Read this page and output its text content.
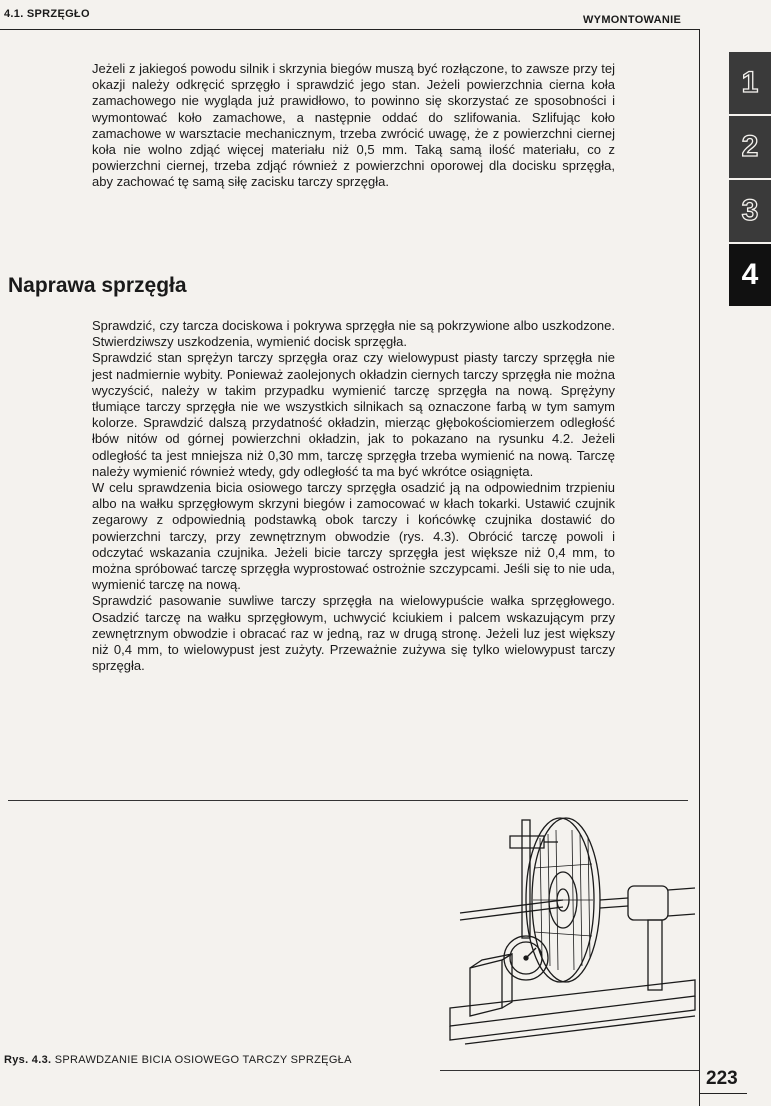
4.1. SPRZĘGŁO	WYMONTOWANIE
1
2
3
4

Jeżeli z jakiegoś powodu silnik i skrzynia biegów muszą być rozłączone, to zawsze przy tej okazji należy odkręcić sprzęgło i sprawdzić jego stan. Jeżeli powierzchnia cierna koła zamachowego nie wygląda już prawidłowo, to powinno się skorzystać ze sposobności i wymontować koło zamachowe, a następnie oddać do szlifowania. Szlifując koło zamachowe w warsztacie mechanicznym, trzeba zwrócić uwagę, że z powierzchni ciernej koła nie wolno zdjąć więcej materiału niż 0,5 mm. Taką samą ilość materiału, co z powierzchni ciernej, trzeba zdjąć również z powierzchni oporowej dla docisku sprzęgła, aby zachować tę samą siłę zacisku tarczy sprzęgła.

Naprawa sprzęgła

Sprawdzić, czy tarcza dociskowa i pokrywa sprzęgła nie są pokrzywione albo uszkodzone. Stwierdziwszy uszkodzenia, wymienić docisk sprzęgła.

Sprawdzić stan sprężyn tarczy sprzęgła oraz czy wielowypust piasty tarczy sprzęgła nie jest nadmiernie wybity. Ponieważ zaolejonych okładzin ciernych tarczy sprzęgła nie można wyczyścić, należy w takim przypadku wymienić tarczę sprzęgła na nową. Sprężyny tłumiące tarczy sprzęgła nie we wszystkich silnikach są oznaczone farbą w tym samym kolorze. Sprawdzić dalszą przydatność okładzin, mierząc głębokościomierzem odległość łbów nitów od górnej powierzchni okładzin, jak to pokazano na rysunku 4.2. Jeżeli odległość ta jest mniejsza niż 0,30 mm, tarczę sprzęgła trzeba wymienić na nową. Tarczę należy wymienić również wtedy, gdy odległość ta ma być wkrótce osiągnięta.

W celu sprawdzenia bicia osiowego tarczy sprzęgła osadzić ją na odpowiednim trzpieniu albo na wałku sprzęgłowym skrzyni biegów i zamocować w kłach tokarki. Ustawić czujnik zegarowy z odpowiednią podstawką obok tarczy i końcówkę czujnika dostawić do powierzchni tarczy, przy zewnętrznym obwodzie (rys. 4.3). Obrócić tarczę powoli i odczytać wskazania czujnika. Jeżeli bicie tarczy sprzęgła jest większe niż 0,4 mm, to można spróbować tarczę sprzęgła wyprostować ostrożnie szczypcami. Jeśli się to nie uda, wymienić tarczę na nową.

Sprawdzić pasowanie suwliwe tarczy sprzęgła na wielowypuście wałka sprzęgłowego. Osadzić tarczę na wałku sprzęgłowym, uchwycić kciukiem i palcem wskazującym przy zewnętrznym obwodzie i obracać raz w jedną, raz w drugą stronę. Jeżeli luz jest większy niż 0,4 mm, to wielowypust jest zużyty. Przeważnie zużywa się tylko wielowypust tarczy sprzęgła.

Rys. 4.3. SPRAWDZANIE BICIA OSIOWEGO TARCZY SPRZĘGŁA
223
